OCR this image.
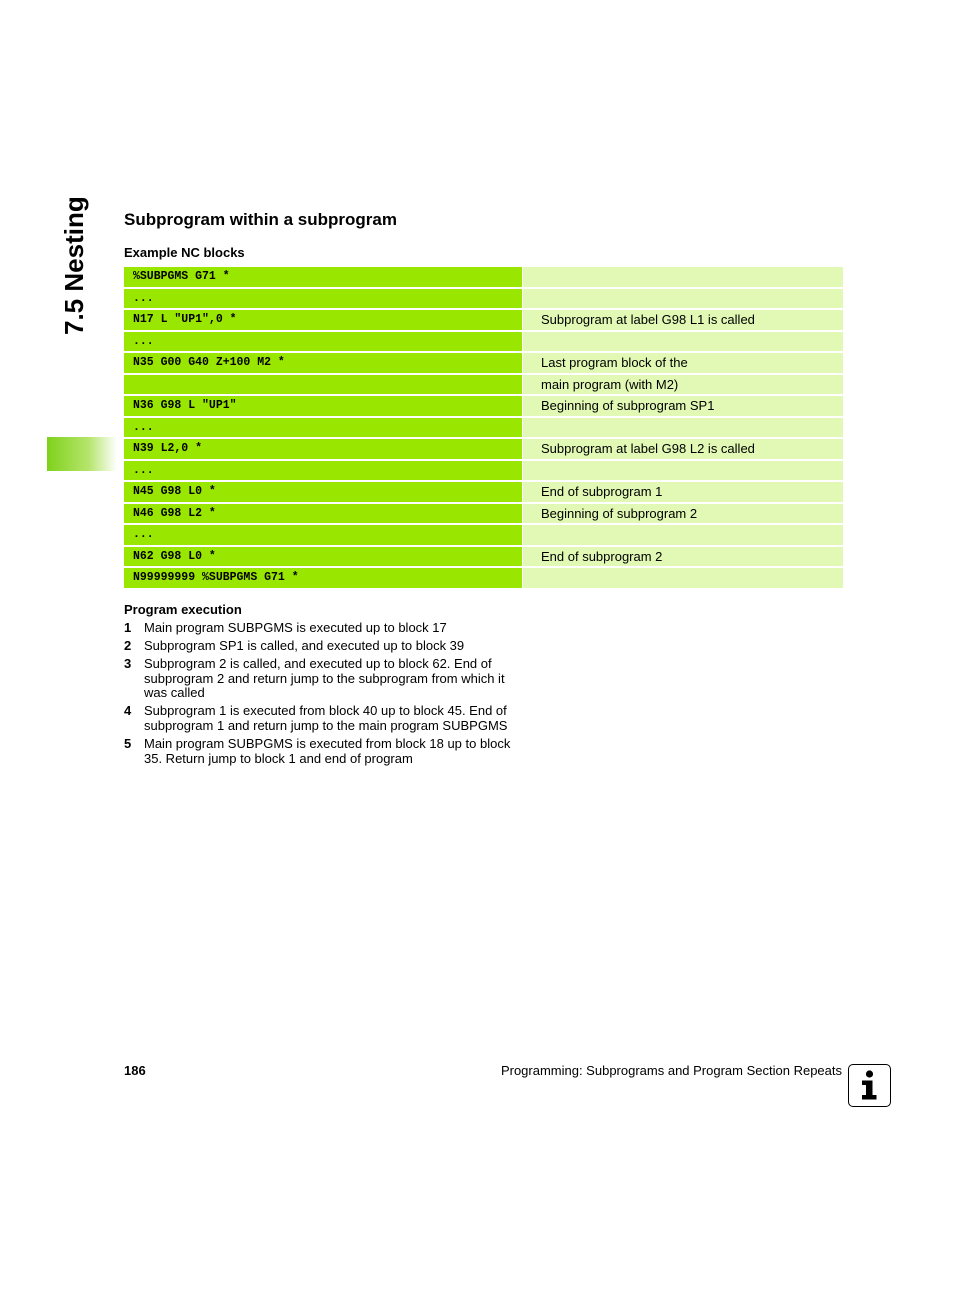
7.5 Nesting	Subprogram within a subprogram
Example NC blocks
%SUBPGMS G71 *
...
N17 L "UP1",0 *	Subprogram at label G98 L1 is called
...
N35 G00 G40 Z+100 M2 *	Last program block of the
main program (with M2)
N36 G98 L "UP1"	Beginning of subprogram SP1
...
N39 L2,0 *	Subprogram at label G98 L2 is called
...
N45 G98 L0 *	End of subprogram 1
N46 G98 L2 *	Beginning of subprogram 2
...
N62 G98 L0 *	End of subprogram 2
N99999999 %SUBPGMS G71 *
Program execution
1 Main program SUBPGMS is executed up to block 17
2 Subprogram SP1 is called, and executed up to block 39
3 Subprogram 2 is called, and executed up to block 62. End of subprogram 2 and return jump to the subprogram from which it was called
4 Subprogram 1 is executed from block 40 up to block 45. End of subprogram 1 and return jump to the main program SUBPGMS
5 Main program SUBPGMS is executed from block 18 up to block 35. Return jump to block 1 and end of program
186	Programming: Subprograms and Program Section Repeats
